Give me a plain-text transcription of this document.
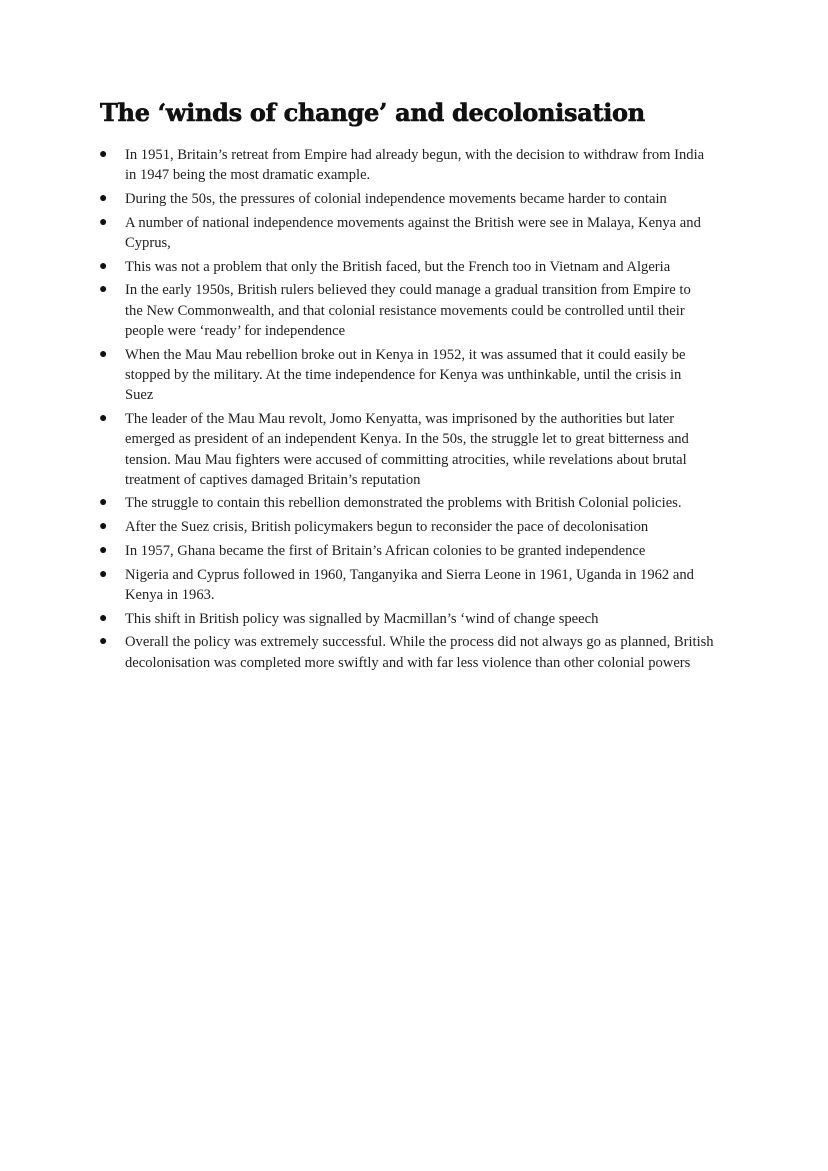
The ‘winds of change’ and decolonisation
● In 1951, Britain’s retreat from Empire had already begun, with the decision to withdraw from India
in 1947 being the most dramatic example.
● During the 50s, the pressures of colonial independence movements became harder to contain
● A number of national independence movements against the British were see in Malaya, Kenya and
Cyprus,
● This was not a problem that only the British faced, but the French too in Vietnam and Algeria
● In the early 1950s, British rulers believed they could manage a gradual transition from Empire to
the New Commonwealth, and that colonial resistance movements could be controlled until their
people were ‘ready’ for independence
● When the Mau Mau rebellion broke out in Kenya in 1952, it was assumed that it could easily be
stopped by the military. At the time independence for Kenya was unthinkable, until the crisis in
Suez
● The leader of the Mau Mau revolt, Jomo Kenyatta, was imprisoned by the authorities but later
emerged as president of an independent Kenya. In the 50s, the struggle let to great bitterness and
tension. Mau Mau fighters were accused of committing atrocities, while revelations about brutal
treatment of captives damaged Britain’s reputation
● The struggle to contain this rebellion demonstrated the problems with British Colonial policies.
● After the Suez crisis, British policymakers begun to reconsider the pace of decolonisation
● In 1957, Ghana became the first of Britain’s African colonies to be granted independence
● Nigeria and Cyprus followed in 1960, Tanganyika and Sierra Leone in 1961, Uganda in 1962 and
Kenya in 1963.
● This shift in British policy was signalled by Macmillan’s ‘wind of change speech
● Overall the policy was extremely successful. While the process did not always go as planned, British
decolonisation was completed more swiftly and with far less violence than other colonial powers
